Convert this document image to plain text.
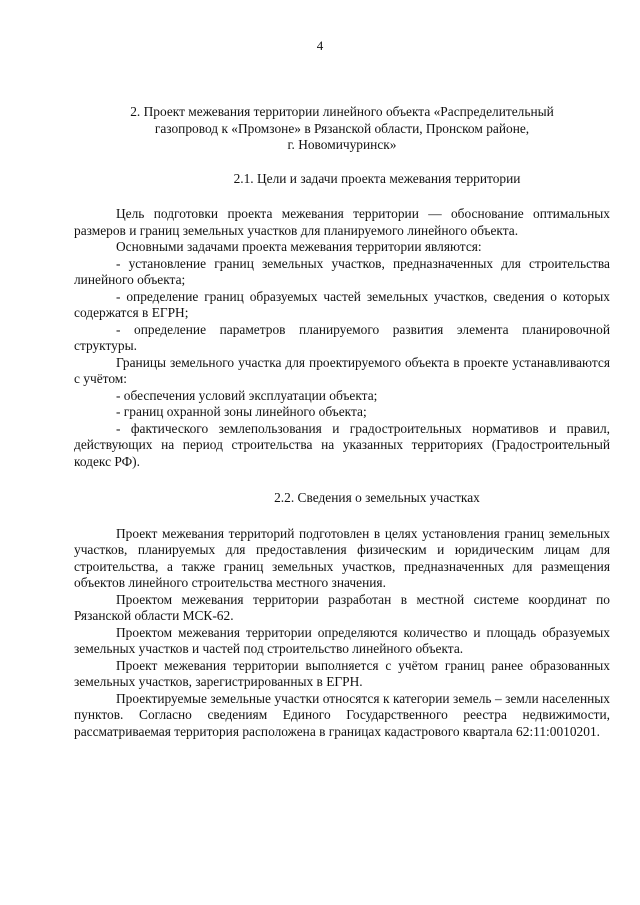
4

2. Проект межевания территории линейного объекта «Распределительный

газопровод к «Промзоне» в Рязанской области, Пронском районе,

г. Новомичуринск»

2.1. Цели и задачи проекта межевания территории

Цель подготовки проекта межевания территории — обоснование оптимальных размеров и границ земельных участков для планируемого линейного объекта.

Основными задачами проекта межевания территории являются:

- установление границ земельных участков, предназначенных для строительства линейного объекта;

- определение границ образуемых частей земельных участков, сведения о которых содержатся в ЕГРН;

- определение параметров планируемого развития элемента планировочной структуры.

Границы земельного участка для проектируемого объекта в проекте устанавливаются с учётом:

- обеспечения условий эксплуатации объекта;

- границ охранной зоны линейного объекта;

- фактического землепользования и градостроительных нормативов и правил, действующих на период строительства на указанных территориях (Градостроительный кодекс РФ).

2.2. Сведения о земельных участках

Проект межевания территорий подготовлен в целях установления границ земельных участков, планируемых для предоставления физическим и юридическим лицам для строительства, а также границ земельных участков, предназначенных для размещения объектов линейного строительства местного значения.

Проектом межевания территории разработан в местной системе координат по Рязанской области МСК-62.

Проектом межевания территории определяются количество и площадь образуемых земельных участков и частей под строительство линейного объекта.

Проект межевания территории выполняется с учётом границ ранее образованных земельных участков, зарегистрированных в ЕГРН.

Проектируемые земельные участки относятся к категории земель – земли населенных пунктов. Согласно сведениям Единого Государственного реестра недвижимости, рассматриваемая территория расположена в границах кадастрового квартала 62:11:0010201.
